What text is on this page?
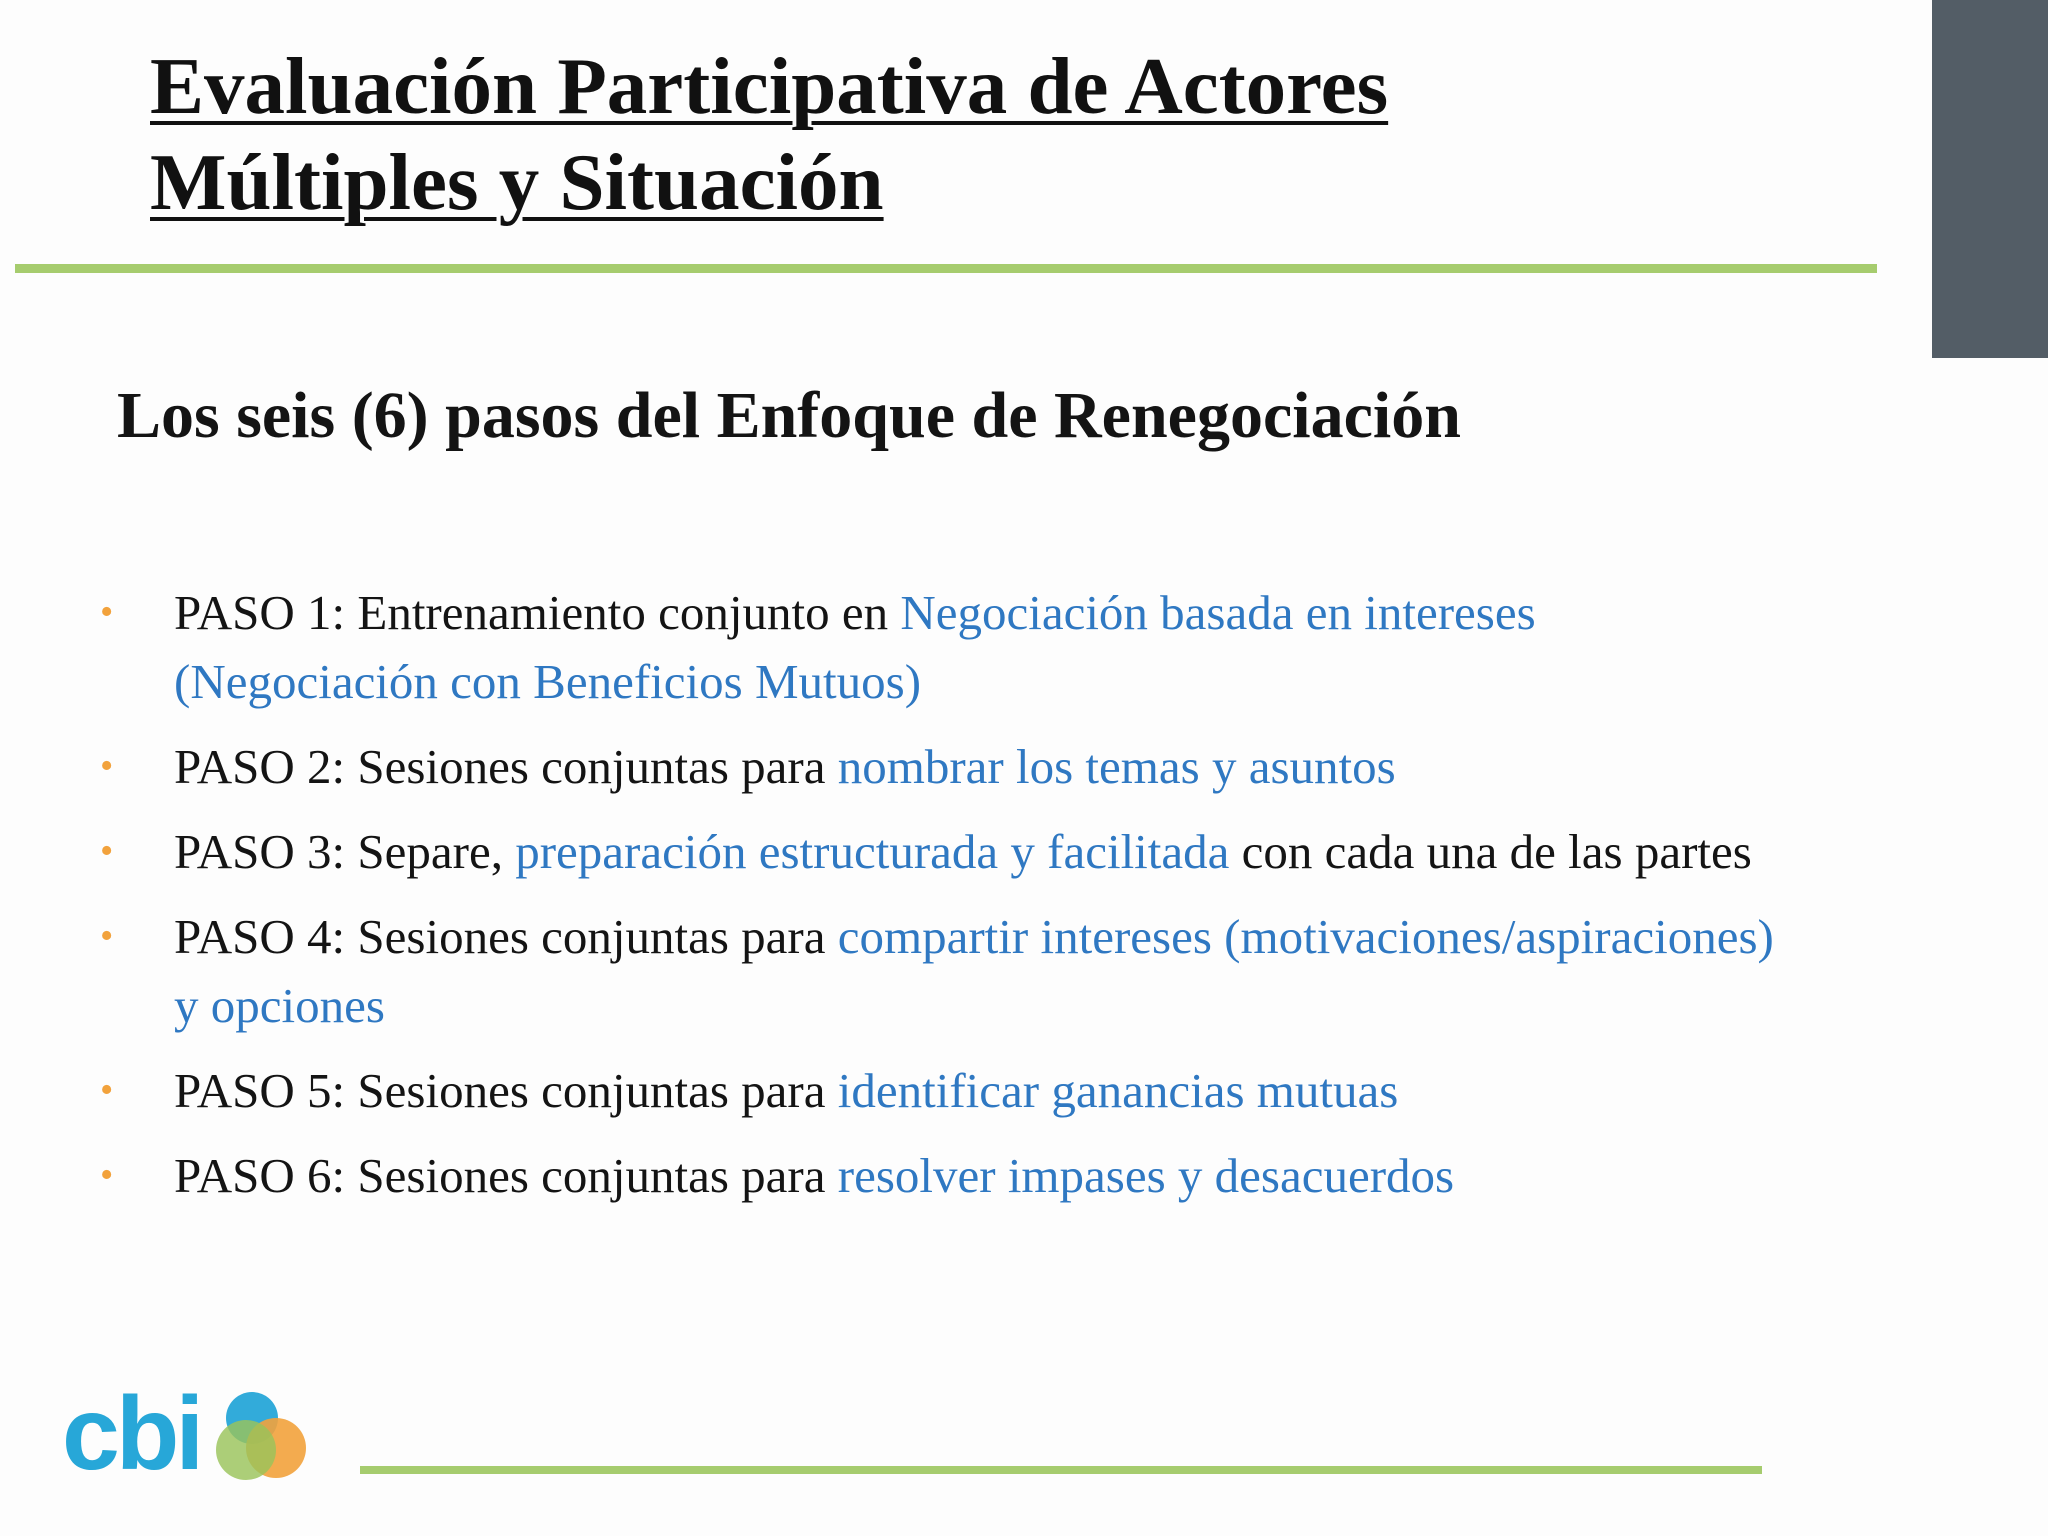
Evaluación Participativa de Actores
Múltiples y Situación
Los seis (6) pasos del Enfoque de Renegociación
•	PASO 1: Entrenamiento conjunto en Negociación basada en intereses (Negociación con Beneficios Mutuos)
•	PASO 2: Sesiones conjuntas para nombrar los temas y asuntos
•	PASO 3: Separe, preparación estructurada y facilitada con cada una de las partes
•	PASO 4: Sesiones conjuntas para compartir intereses (motivaciones/aspiraciones) y opciones
•	PASO 5: Sesiones conjuntas para identificar ganancias mutuas
•	PASO 6: Sesiones conjuntas para resolver impases y desacuerdos
cbi
